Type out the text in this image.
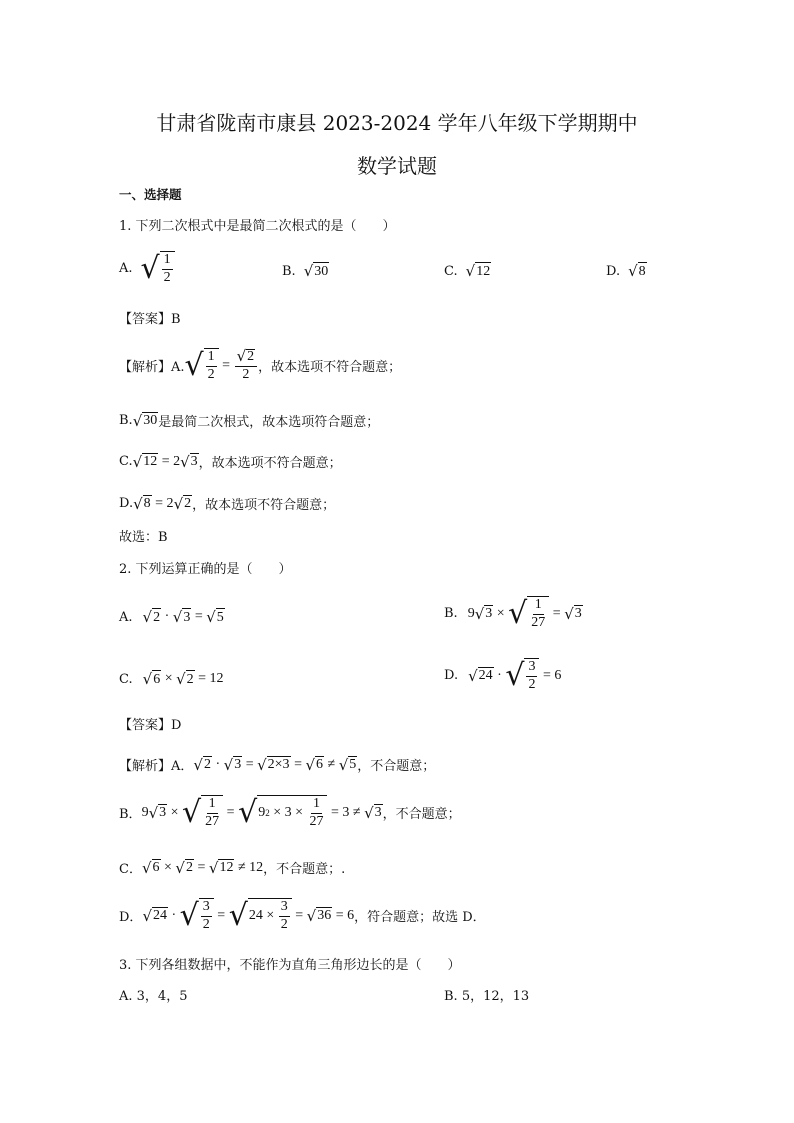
甘肃省陇南市康县 2023-2024 学年八年级下学期期中
数学试题
一、选择题
1. 下列二次根式中是最简二次根式的是（　　）
A. √ $\frac{1}{2}$	B. √ 30	C. √ 12	D. √ 8
【答案】B
【解析】A. √ $\frac{1}{2} = \frac{√ 2}{2}$ ，故本选项不符合题意；
B. √ 30 是最简二次根式，故本选项符合题意；
C. √ 12 = 2 √ 3 ，故本选项不符合题意；
D. √ 8 = 2 √ 2 ，故本选项不符合题意；
故选：B
2. 下列运算正确的是（　　）
A. √ 2 · √ 3 = √ 5	B. 9 √ 3 × √ $\frac{1}{27}$ = √ 3
C. √ 6 × √ 2 = 12	D. √ 24 · √ $\frac{3}{2} = 6$
【答案】D
【解析】A． √ 2 · √ 3 = √ 2×3 = √ 6 ≠ √ 5 ，不合题意；
B． 9 √ 3 × √ $\frac{1}{27}$ = √ 9 $2 \times 3 \times \frac{1}{27} = 3$ ≠ √ 3 ，不合题意；
C． √ 6 × √ 2 = √ 12 ≠ 12 ，不合题意；.
D． √ 24 · √ $\frac{3}{2}$ = √ $24 \times \frac{3}{2}$ = √ 36 = 6 ，符合题意；故选 D．
3. 下列各组数据中，不能作为直角三角形边长的是（　　）
A. 3，4，5	B. 5，12，13
